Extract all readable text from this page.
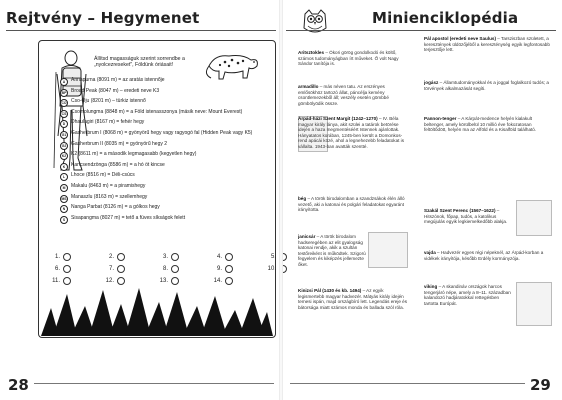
Rejtvény – Hegymenet
Állítsd magasságuk szerint sorrendbe a „nyolcezreseket", Földünk óriásait!
A	Annapurna (8091 m) = az aratás istennője
BP Broad Peak (8047 m) – eredeti neve K3
CO Cso-Oju (8201 m) – türkiz istennő
CS Csomolungma (8848 m) = a Föld istenasszonya (másik neve: Mount Everest)
D	Dhaulagiri (8167 m) = fehér hegy
G1 Gasherbrum I (8068 m) = gyönyörű hegy vagy ragyogó fal (Hidden Peak vagy K5)
G2 Gasherbrum II (8035 m) = gyönyörű hegy 2
K2 K2 (8611 m) = a második legmagasabb (kegyetlen hegy)
K	Kancsendzönga (8586 m) = a hó öt kincse
L	Lhoce (8516 m) = Déli-csúcs
M	Makalu (8463 m) = a piramishegy
MS Manaszlu (8163 m) = szellemhegy
N	Nanga Parbat (8126 m) = a gólkos hegy
S	Sisapangma (8027 m) = tető a füves síkságok felett
1.	2.	3.	4.	5.
6.	7.	8.	9.	10.
11.	12.	13.	14.
28
Minienciklopédia
Aritsztokles – Ókori görög gondolkodó és költő, számos tudományágban írt műveket. Ő volt Nagy Sándor tanítója is.
armadillo – más néven tatu. Az erszényes emlősökhöz tartozó állat, páncélja kemény csontlemezekből áll; veszély esetén gömbbé gömbölyödik össze.
Árpád-házi Szent Margit (1242–1270) – IV. Béla magyar király lánya, akit szülei a tatárok betörése idején a haza megmentéséért Istennek ajánlottak. Hányatatos korában, 1245-ben került a Domonkos-rend apácái közé, ahol a legnehezebb feladatokat is vállalta. 1943-ban avatták szentté.
bég – A török birodalomban a szandzsákok élén álló vezető, aki a katonai és polgári feladatokat egyaránt irányította.
janicsár – A török birodalom hadseregében az elit gyalogság katonai rendje, akik a szultán testőreiként is működtek. Szigorú fegyelem és kiképzés jellemezte őket.
Kinizsi Pál (1430 és kb. 1494) – Az egyik legismertebb magyar hadvezér. Mátyás király idején temesi ispán, majd országbíró lett. Legendás ereje és bátorsága miatt számos monda és ballada szól róla.
Pál apostol (eredeti neve Saulus) – Tarsziszban született, a keresztények üldözőjéből a kereszténység egyik legfontosabb terjesztője lett.
jogász – Államtudományokkal és a joggal foglalkozó tudós; a törvények alkalmazását segíti.
Pannon-tenger – A Kárpát-medence helyén kialakult beltenger, amely körülbelül 10 millió éve fokozatosan feltöltődött, helyén ma az Alföld és a Kisalföld található.
Szakál Szent Ferenc (1567–1622) – Hitszónok, főpap, tudós, a katolikus megújulás egyik legkiemelkedőbb alakja.
vajda – Hadvezér egyes régi népeknél, az Árpád-korban a vidékek irányítója, később Erdély kormányzója.
viking – A skandináv országok harcos tengerjáró népe, amely a 8–11. században kalandozó hadjáratokkal rettegésben tartotta Európát.
29
